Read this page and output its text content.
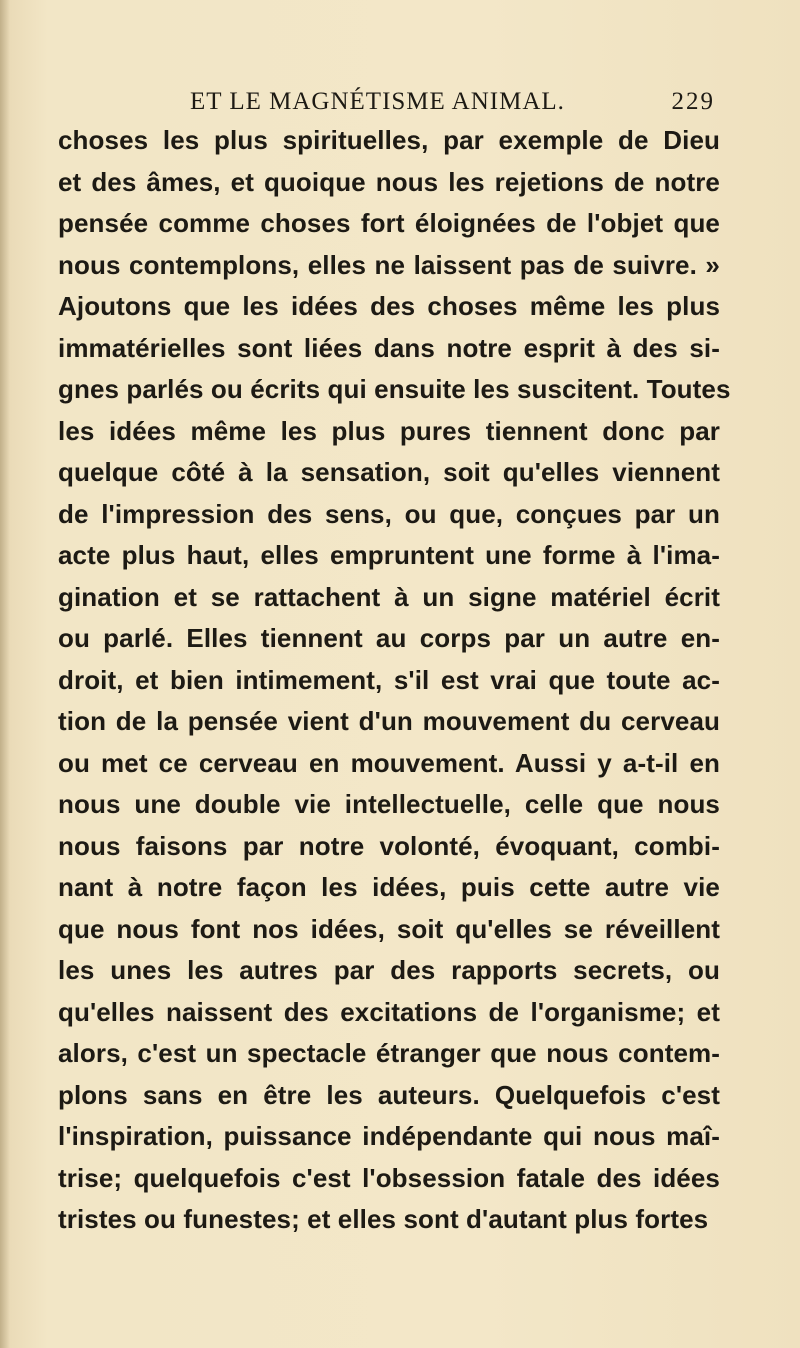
ET LE MAGNÉTISME ANIMAL.	229
choses les plus spirituelles, par exemple de Dieu
et des âmes, et quoique nous les rejetions de notre
pensée comme choses fort éloignées de l'objet que
nous contemplons, elles ne laissent pas de suivre. »
Ajoutons que les idées des choses même les plus
immatérielles sont liées dans notre esprit à des si-
gnes parlés ou écrits qui ensuite les suscitent. Toutes
les idées même les plus pures tiennent donc par
quelque côté à la sensation, soit qu'elles viennent
de l'impression des sens, ou que, conçues par un
acte plus haut, elles empruntent une forme à l'ima-
gination et se rattachent à un signe matériel écrit
ou parlé. Elles tiennent au corps par un autre en-
droit, et bien intimement, s'il est vrai que toute ac-
tion de la pensée vient d'un mouvement du cerveau
ou met ce cerveau en mouvement. Aussi y a-t-il en
nous une double vie intellectuelle, celle que nous
nous faisons par notre volonté, évoquant, combi-
nant à notre façon les idées, puis cette autre vie
que nous font nos idées, soit qu'elles se réveillent
les unes les autres par des rapports secrets, ou
qu'elles naissent des excitations de l'organisme; et
alors, c'est un spectacle étranger que nous contem-
plons sans en être les auteurs. Quelquefois c'est
l'inspiration, puissance indépendante qui nous maî-
trise; quelquefois c'est l'obsession fatale des idées
tristes ou funestes; et elles sont d'autant plus fortes
